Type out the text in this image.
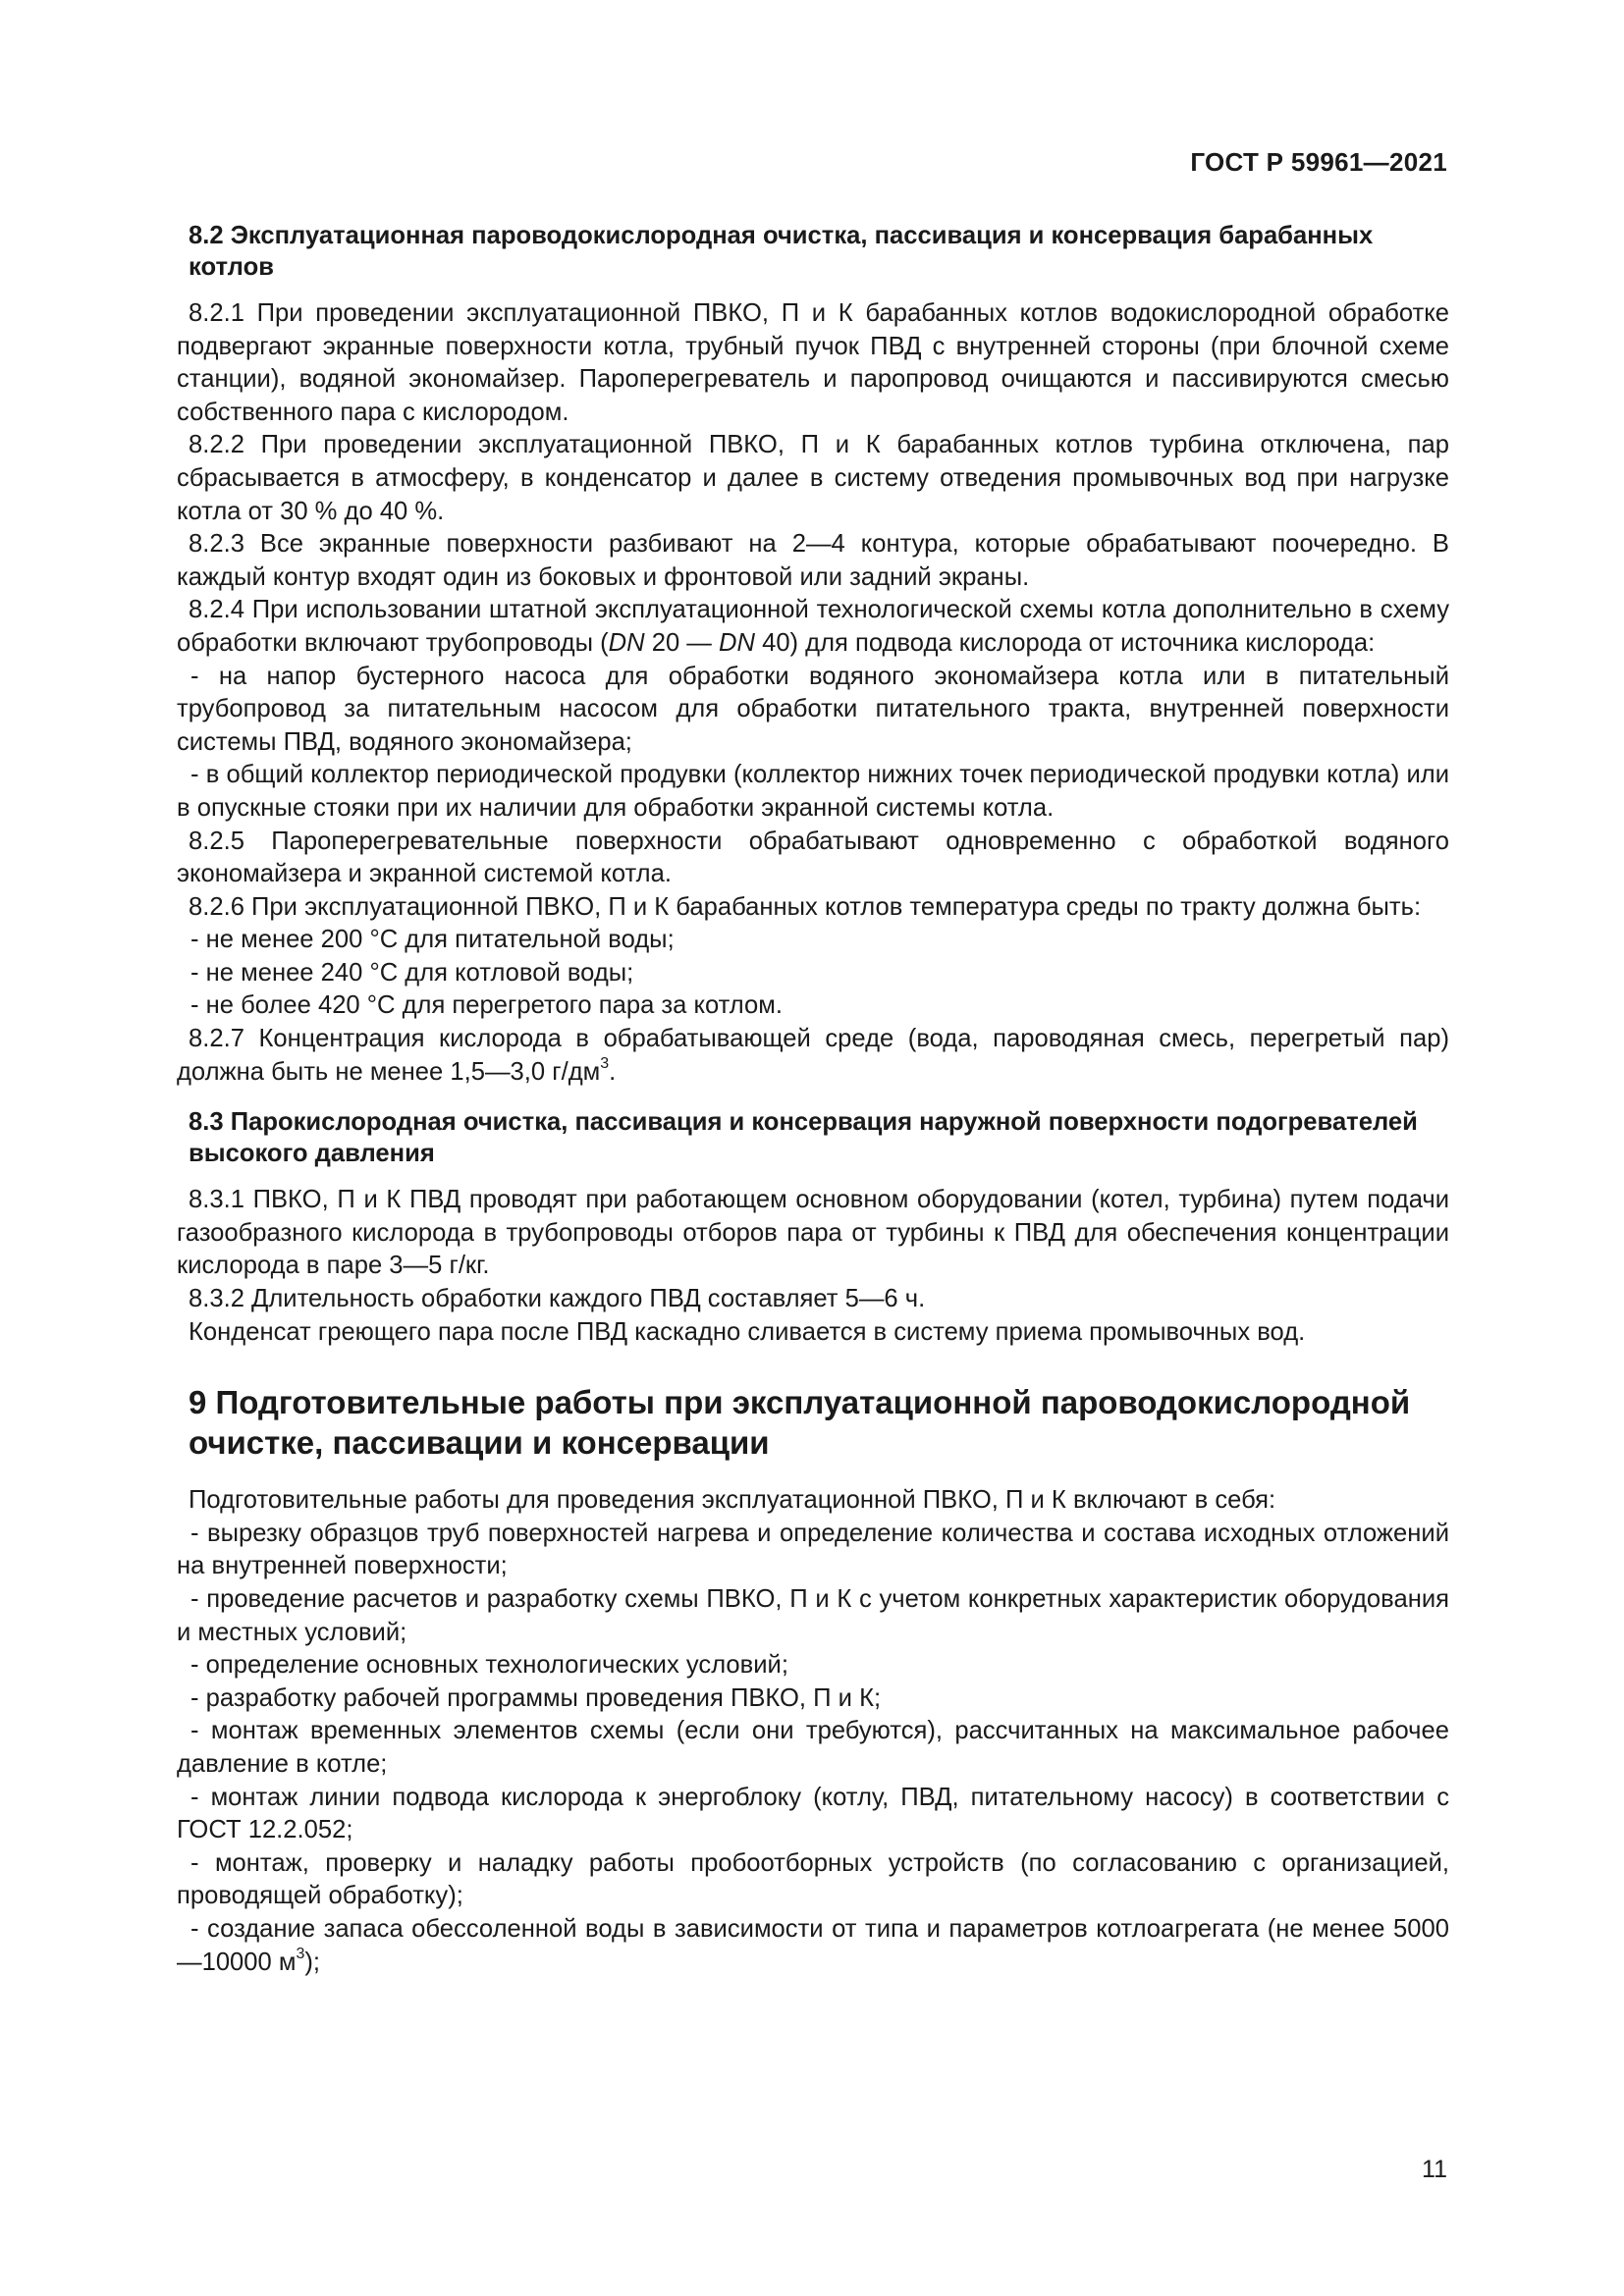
ГОСТ Р 59961—2021
8.2 Эксплуатационная пароводокислородная очистка, пассивация и консервация барабанных котлов

8.2.1 При проведении эксплуатационной ПВКО, П и К барабанных котлов водокислородной обработке подвергают экранные поверхности котла, трубный пучок ПВД с внутренней стороны (при блочной схеме станции), водяной экономайзер. Пароперегреватель и паропровод очищаются и пассивируются смесью собственного пара с кислородом.

8.2.2 При проведении эксплуатационной ПВКО, П и К барабанных котлов турбина отключена, пар сбрасывается в атмосферу, в конденсатор и далее в систему отведения промывочных вод при нагрузке котла от 30 % до 40 %.

8.2.3 Все экранные поверхности разбивают на 2—4 контура, которые обрабатывают поочередно. В каждый контур входят один из боковых и фронтовой или задний экраны.

8.2.4 При использовании штатной эксплуатационной технологической схемы котла дополнительно в схему обработки включают трубопроводы (DN 20 — DN 40) для подвода кислорода от источника кислорода:

- на напор бустерного насоса для обработки водяного экономайзера котла или в питательный трубопровод за питательным насосом для обработки питательного тракта, внутренней поверхности системы ПВД, водяного экономайзера;

- в общий коллектор периодической продувки (коллектор нижних точек периодической продувки котла) или в опускные стояки при их наличии для обработки экранной системы котла.

8.2.5 Пароперегревательные поверхности обрабатывают одновременно с обработкой водяного экономайзера и экранной системой котла.

8.2.6 При эксплуатационной ПВКО, П и К барабанных котлов температура среды по тракту должна быть:

- не менее 200 °С для питательной воды;

- не менее 240 °С для котловой воды;

- не более 420 °С для перегретого пара за котлом.

8.2.7 Концентрация кислорода в обрабатывающей среде (вода, пароводяная смесь, перегретый пар) должна быть не менее 1,5—3,0 $г/дм^3$.

8.3 Парокислородная очистка, пассивация и консервация наружной поверхности подогревателей высокого давления

8.3.1 ПВКО, П и К ПВД проводят при работающем основном оборудовании (котел, турбина) путем подачи газообразного кислорода в трубопроводы отборов пара от турбины к ПВД для обеспечения концентрации кислорода в паре 3—5 г/кг.

8.3.2 Длительность обработки каждого ПВД составляет 5—6 ч.

Конденсат греющего пара после ПВД каскадно сливается в систему приема промывочных вод.

9 Подготовительные работы при эксплуатационной пароводокислородной очистке, пассивации и консервации

Подготовительные работы для проведения эксплуатационной ПВКО, П и К включают в себя:

- вырезку образцов труб поверхностей нагрева и определение количества и состава исходных отложений на внутренней поверхности;

- проведение расчетов и разработку схемы ПВКО, П и К с учетом конкретных характеристик оборудования и местных условий;

- определение основных технологических условий;

- разработку рабочей программы проведения ПВКО, П и К;

- монтаж временных элементов схемы (если они требуются), рассчитанных на максимальное рабочее давление в котле;

- монтаж линии подвода кислорода к энергоблоку (котлу, ПВД, питательному насосу) в соответствии с ГОСТ 12.2.052;

- монтаж, проверку и наладку работы пробоотборных устройств (по согласованию с организацией, проводящей обработку);

- создание запаса обессоленной воды в зависимости от типа и параметров котлоагрегата (не менее 5000—10000 $м^3$);

11
